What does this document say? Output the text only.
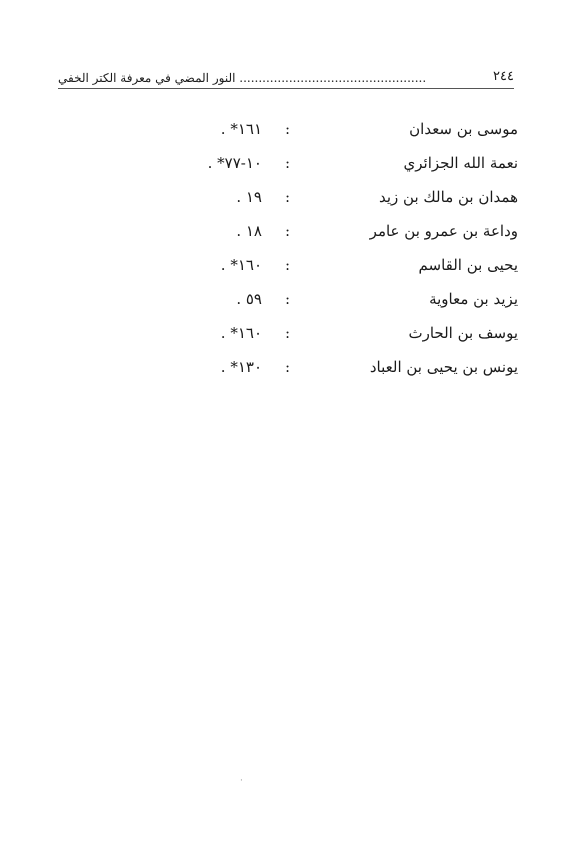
النور المضي في معرفة الكتر الخفي .................................................	٢٤٤
موسى بن سعدان
:
١٦١* .
نعمة الله الجزائري
:
١٠-٧٧* .
همدان بن مالك بن زيد
:
١٩ .
وداعة بن عمرو بن عامر
:
١٨ .
يحيى بن القاسم
:
١٦٠* .
يزيد بن معاوية
:
٥٩ .
يوسف بن الحارث
:
١٦٠* .
يونس بن يحيى بن العباد
:
١٣٠* .
·
